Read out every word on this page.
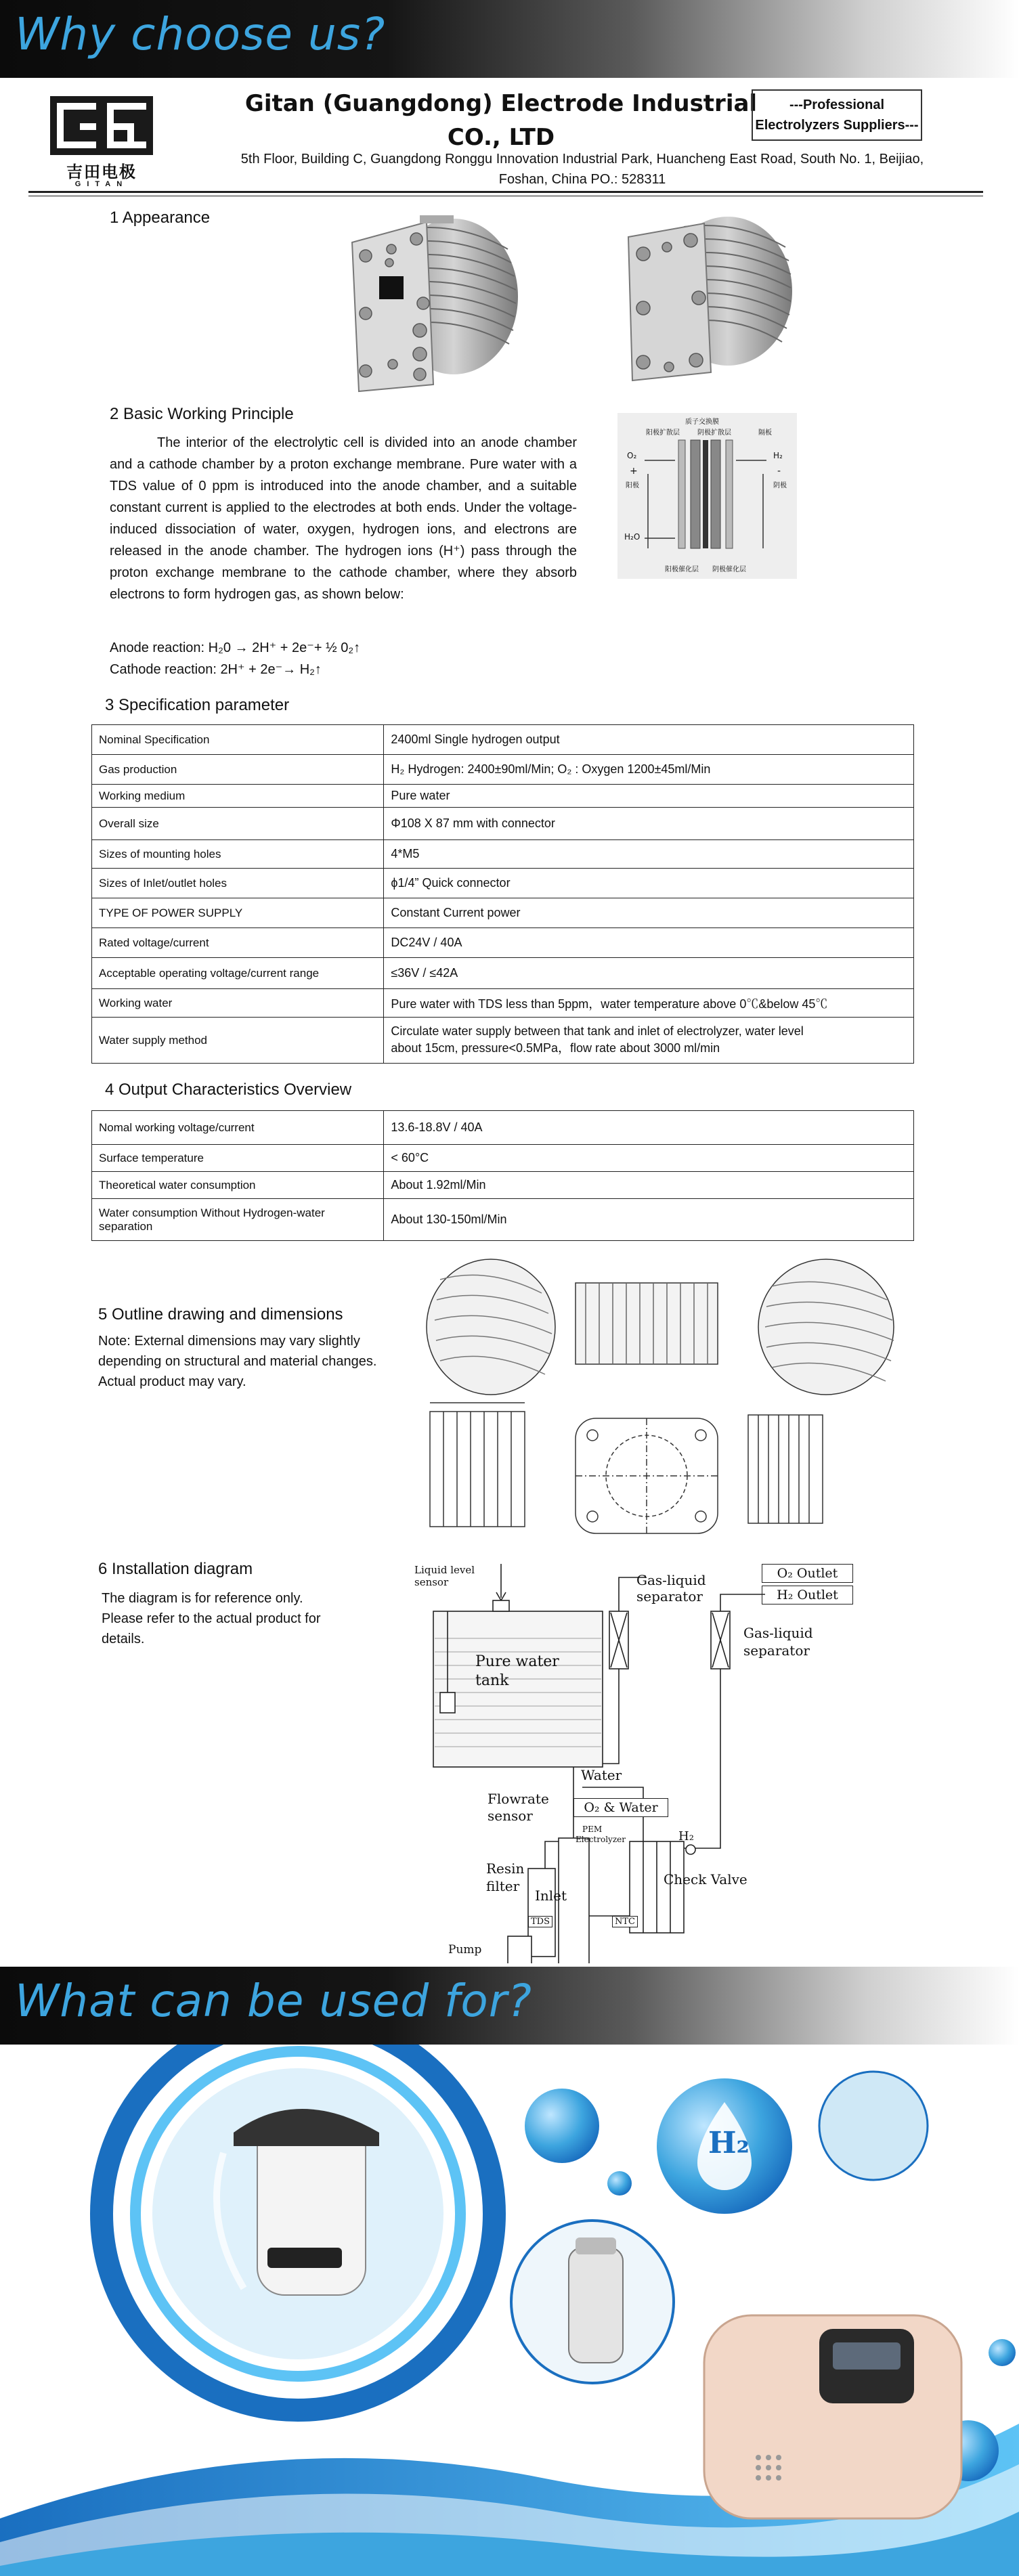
Why choose us?
吉田电极
GITAN
Gitan (Guangdong) Electrode Industrial
CO., LTD
5th Floor, Building C, Guangdong Ronggu Innovation Industrial Park, Huancheng East Road, South No. 1, Beijiao,
Foshan, China PO.: 528311
---Professional
Electrolyzers Suppliers---
1 Appearance
2 Basic Working Principle
The interior of the electrolytic cell is divided into an anode chamber and a cathode chamber by a proton exchange membrane. Pure water with a TDS value of 0 ppm is introduced into the anode chamber, and a suitable constant current is applied to the electrodes at both ends. Under the voltage-induced dissociation of water, oxygen, hydrogen ions, and electrons are released in the anode chamber. The hydrogen ions (H⁺) pass through the proton exchange membrane to the cathode chamber, where they absorb electrons to form hydrogen gas, as shown below:
Anode reaction: H₂0 → 2H⁺ + 2e⁻+ ½ 0₂↑
Cathode reaction: 2H⁺ + 2e⁻→ H₂↑
质子交换膜
阳极扩散层	阴极扩散层	隔板
O₂
+
阳极
H₂
-
阴极
H₂O
阳极催化层 阴极催化层
3 Specification parameter
Nominal Specification	2400ml Single hydrogen output
Gas production	H₂ Hydrogen: 2400±90ml/Min; O₂ : Oxygen 1200±45ml/Min
Working medium	Pure water
Overall size	Φ108 X 87 mm with connector
Sizes of mounting holes	4*M5
Sizes of Inlet/outlet holes	ϕ1/4” Quick connector
TYPE OF POWER SUPPLY	Constant Current power
Rated voltage/current	DC24V / 40A
Acceptable operating voltage/current range	≤36V / ≤42A
Working water	Pure water with TDS less than 5ppm，water temperature above 0℃&below 45℃
Water supply method	Circulate water supply between that tank and inlet of electrolyzer, water level
about 15cm, pressure<0.5MPa，flow rate about 3000 ml/min
4 Output Characteristics Overview
Nomal working voltage/current	13.6-18.8V / 40A
Surface temperature	< 60°C
Theoretical water consumption	About 1.92ml/Min

Water consumption Without Hydrogen-water
separation	About 130-150ml/Min
5 Outline drawing and dimensions
Note: External dimensions may vary slightly
depending on structural and material changes.
Actual product may vary.
6 Installation diagram
The diagram is for reference only.
Please refer to the actual product for
details.
Liquid level
sensor	Gas-liquid
separator
O₂ Outlet
H₂ Outlet
Gas-liquid
separator
Pure water
tank
Water
Flowrate
sensor	O₂ & Water
PEM
Electrolyzer	H₂
Resin
filter
Inlet
Check Valve
TDS	NTC
Pump
What can be used for?
H₂
